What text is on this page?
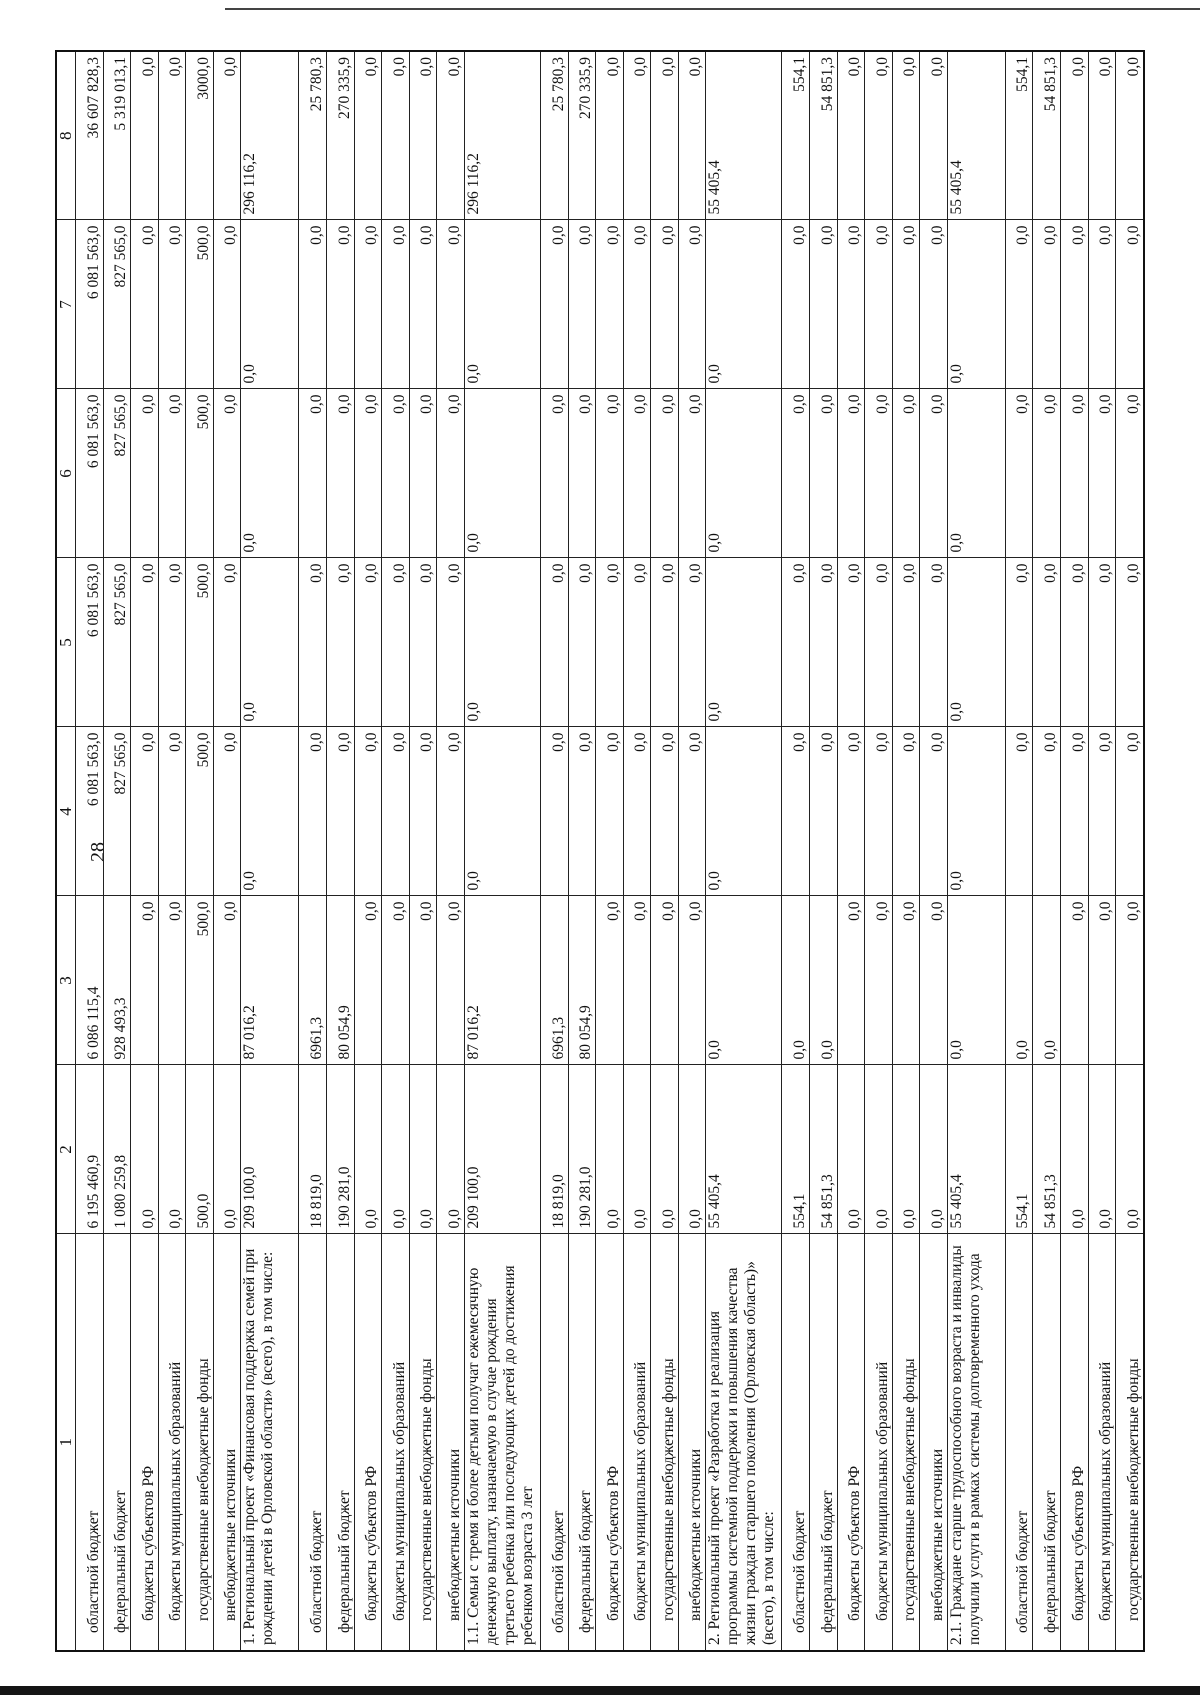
28
1	2	3	4	5	6	7	8
областной бюджет	6 195 460,9	6 086 115,4	6 081 563,0	6 081 563,0	6 081 563,0	6 081 563,0	36 607 828,3
федеральный бюджет	1 080 259,8	928 493,3	827 565,0	827 565,0	827 565,0	827 565,0	5 319 013,1
бюджеты субъектов РФ	0,0	0,0	0,0	0,0	0,0	0,0	0,0
бюджеты муниципальных образований	0,0	0,0	0,0	0,0	0,0	0,0	0,0
государственные внебюджетные фонды	500,0	500,0	500,0	500,0	500,0	500,0	3000,0
внебюджетные источники	0,0	0,0	0,0	0,0	0,0	0,0	0,0
1. Региональный проект «Финансовая поддержка семей при рождении детей в Орловской области» (всего), в том числе:	209 100,0	87 016,2	0,0	0,0	0,0	0,0	296 116,2
областной бюджет	18 819,0	6961,3	0,0	0,0	0,0	0,0	25 780,3
федеральный бюджет	190 281,0	80 054,9	0,0	0,0	0,0	0,0	270 335,9
бюджеты субъектов РФ	0,0	0,0	0,0	0,0	0,0	0,0	0,0
бюджеты муниципальных образований	0,0	0,0	0,0	0,0	0,0	0,0	0,0
государственные внебюджетные фонды	0,0	0,0	0,0	0,0	0,0	0,0	0,0
внебюджетные источники	0,0	0,0	0,0	0,0	0,0	0,0	0,0
1.1. Семьи с тремя и более детьми получат ежемесячную денежную выплату, назначаемую в случае рождения третьего ребенка или последующих детей до достижения ребенком возраста 3 лет	209 100,0	87 016,2	0,0	0,0	0,0	0,0	296 116,2
областной бюджет	18 819,0	6961,3	0,0	0,0	0,0	0,0	25 780,3
федеральный бюджет	190 281,0	80 054,9	0,0	0,0	0,0	0,0	270 335,9
бюджеты субъектов РФ	0,0	0,0	0,0	0,0	0,0	0,0	0,0
бюджеты муниципальных образований	0,0	0,0	0,0	0,0	0,0	0,0	0,0
государственные внебюджетные фонды	0,0	0,0	0,0	0,0	0,0	0,0	0,0
внебюджетные источники	0,0	0,0	0,0	0,0	0,0	0,0	0,0
2. Региональный проект «Разработка и реализация программы системной поддержки и повышения качества жизни граждан старшего поколения (Орловская область)» (всего), в том числе:	55 405,4	0,0	0,0	0,0	0,0	0,0	55 405,4
областной бюджет	554,1	0,0	0,0	0,0	0,0	0,0	554,1
федеральный бюджет	54 851,3	0,0	0,0	0,0	0,0	0,0	54 851,3
бюджеты субъектов РФ	0,0	0,0	0,0	0,0	0,0	0,0	0,0
бюджеты муниципальных образований	0,0	0,0	0,0	0,0	0,0	0,0	0,0
государственные внебюджетные фонды	0,0	0,0	0,0	0,0	0,0	0,0	0,0
внебюджетные источники	0,0	0,0	0,0	0,0	0,0	0,0	0,0
2.1. Граждане старше трудоспособного возраста и инвалиды получили услуги в рамках системы долговременного ухода	55 405,4	0,0	0,0	0,0	0,0	0,0	55 405,4
областной бюджет	554,1	0,0	0,0	0,0	0,0	0,0	554,1
федеральный бюджет	54 851,3	0,0	0,0	0,0	0,0	0,0	54 851,3
бюджеты субъектов РФ	0,0	0,0	0,0	0,0	0,0	0,0	0,0
бюджеты муниципальных образований	0,0	0,0	0,0	0,0	0,0	0,0	0,0
государственные внебюджетные фонды	0,0	0,0	0,0	0,0	0,0	0,0	0,0
